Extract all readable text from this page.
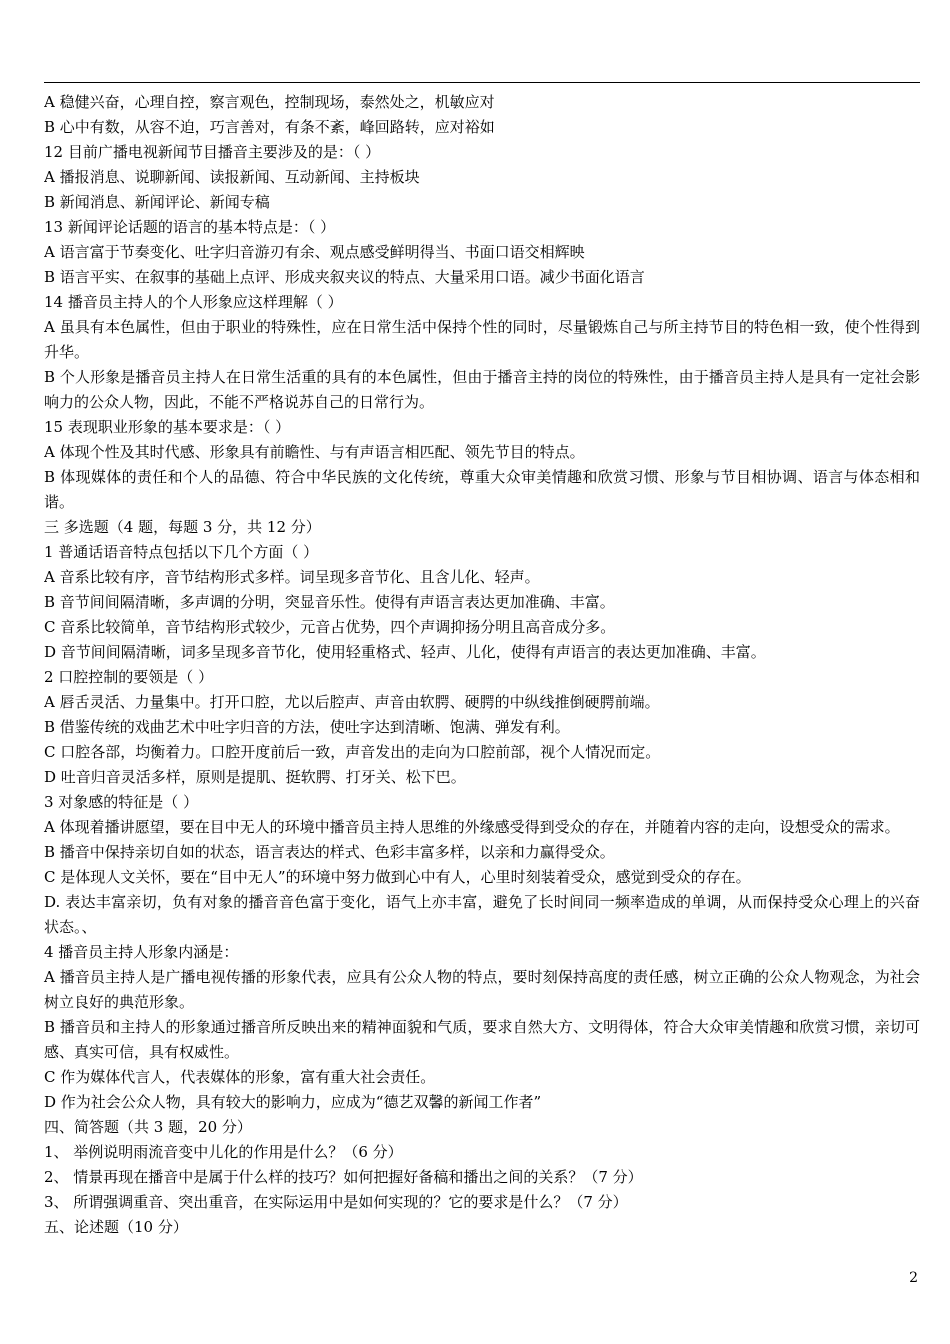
A 稳健兴奋，心理自控，察言观色，控制现场，泰然处之，机敏应对
B 心中有数，从容不迫，巧言善对，有条不紊，峰回路转，应对裕如
12 目前广播电视新闻节目播音主要涉及的是：（ ）
A 播报消息、说聊新闻、读报新闻、互动新闻、主持板块
B 新闻消息、新闻评论、新闻专稿
13 新闻评论话题的语言的基本特点是：（ ）
A 语言富于节奏变化、吐字归音游刃有余、观点感受鲜明得当、书面口语交相辉映
B 语言平实、在叙事的基础上点评、形成夹叙夹议的特点、大量采用口语。减少书面化语言
14 播音员主持人的个人形象应这样理解（ ）

A 虽具有本色属性，但由于职业的特殊性，应在日常生活中保持个性的同时，尽量锻炼自己与所主持节目的特色相一致，使个性得到升华。

B 个人形象是播音员主持人在日常生活重的具有的本色属性，但由于播音主持的岗位的特殊性，由于播音员主持人是具有一定社会影响力的公众人物，因此，不能不严格说苏自己的日常行为。

15 表现职业形象的基本要求是：（ ）
A 体现个性及其时代感、形象具有前瞻性、与有声语言相匹配、领先节目的特点。

B 体现媒体的责任和个人的品德、符合中华民族的文化传统，尊重大众审美情趣和欣赏习惯、形象与节目相协调、语言与体态相和谐。

三 多选题（4 题，每题 3 分，共 12 分）
1 普通话语音特点包括以下几个方面（ ）
A 音系比较有序，音节结构形式多样。词呈现多音节化、且含儿化、轻声。
B 音节间间隔清晰，多声调的分明，突显音乐性。使得有声语言表达更加准确、丰富。
C 音系比较简单，音节结构形式较少，元音占优势，四个声调抑扬分明且高音成分多。
D 音节间间隔清晰，词多呈现多音节化，使用轻重格式、轻声、儿化，使得有声语言的表达更加准确、丰富。
2 口腔控制的要领是（ ）
A 唇舌灵活、力量集中。打开口腔，尤以后腔声、声音由软腭、硬腭的中纵线推倒硬腭前端。
B 借鉴传统的戏曲艺术中吐字归音的方法，使吐字达到清晰、饱满、弹发有利。
C 口腔各部，均衡着力。口腔开度前后一致，声音发出的走向为口腔前部，视个人情况而定。
D 吐音归音灵活多样，原则是提肌、挺软腭、打牙关、松下巴。
3 对象感的特征是（ ）

A 体现着播讲愿望，要在目中无人的环境中播音员主持人思维的外缘感受得到受众的存在，并随着内容的走向，设想受众的需求。

B 播音中保持亲切自如的状态，语言表达的样式、色彩丰富多样，以亲和力赢得受众。
C 是体现人文关怀，要在“目中无人”的环境中努力做到心中有人，心里时刻装着受众，感觉到受众的存在。

D. 表达丰富亲切，负有对象的播音音色富于变化，语气上亦丰富，避免了长时间同一频率造成的单调，从而保持受众心理上的兴奋状态。、

4 播音员主持人形象内涵是：

A 播音员主持人是广播电视传播的形象代表，应具有公众人物的特点，要时刻保持高度的责任感，树立正确的公众人物观念，为社会树立良好的典范形象。

B 播音员和主持人的形象通过播音所反映出来的精神面貌和气质，要求自然大方、文明得体，符合大众审美情趣和欣赏习惯，亲切可感、真实可信，具有权威性。

C 作为媒体代言人，代表媒体的形象，富有重大社会责任。
D 作为社会公众人物，具有较大的影响力，应成为“德艺双馨的新闻工作者”
四、简答题（共 3 题，20 分）
1、 举例说明雨流音变中儿化的作用是什么？（6 分）
2、 情景再现在播音中是属于什么样的技巧？如何把握好备稿和播出之间的关系？（7 分）
3、 所谓强调重音、突出重音，在实际运用中是如何实现的？它的要求是什么？（7 分）
五、论述题（10 分）
2
